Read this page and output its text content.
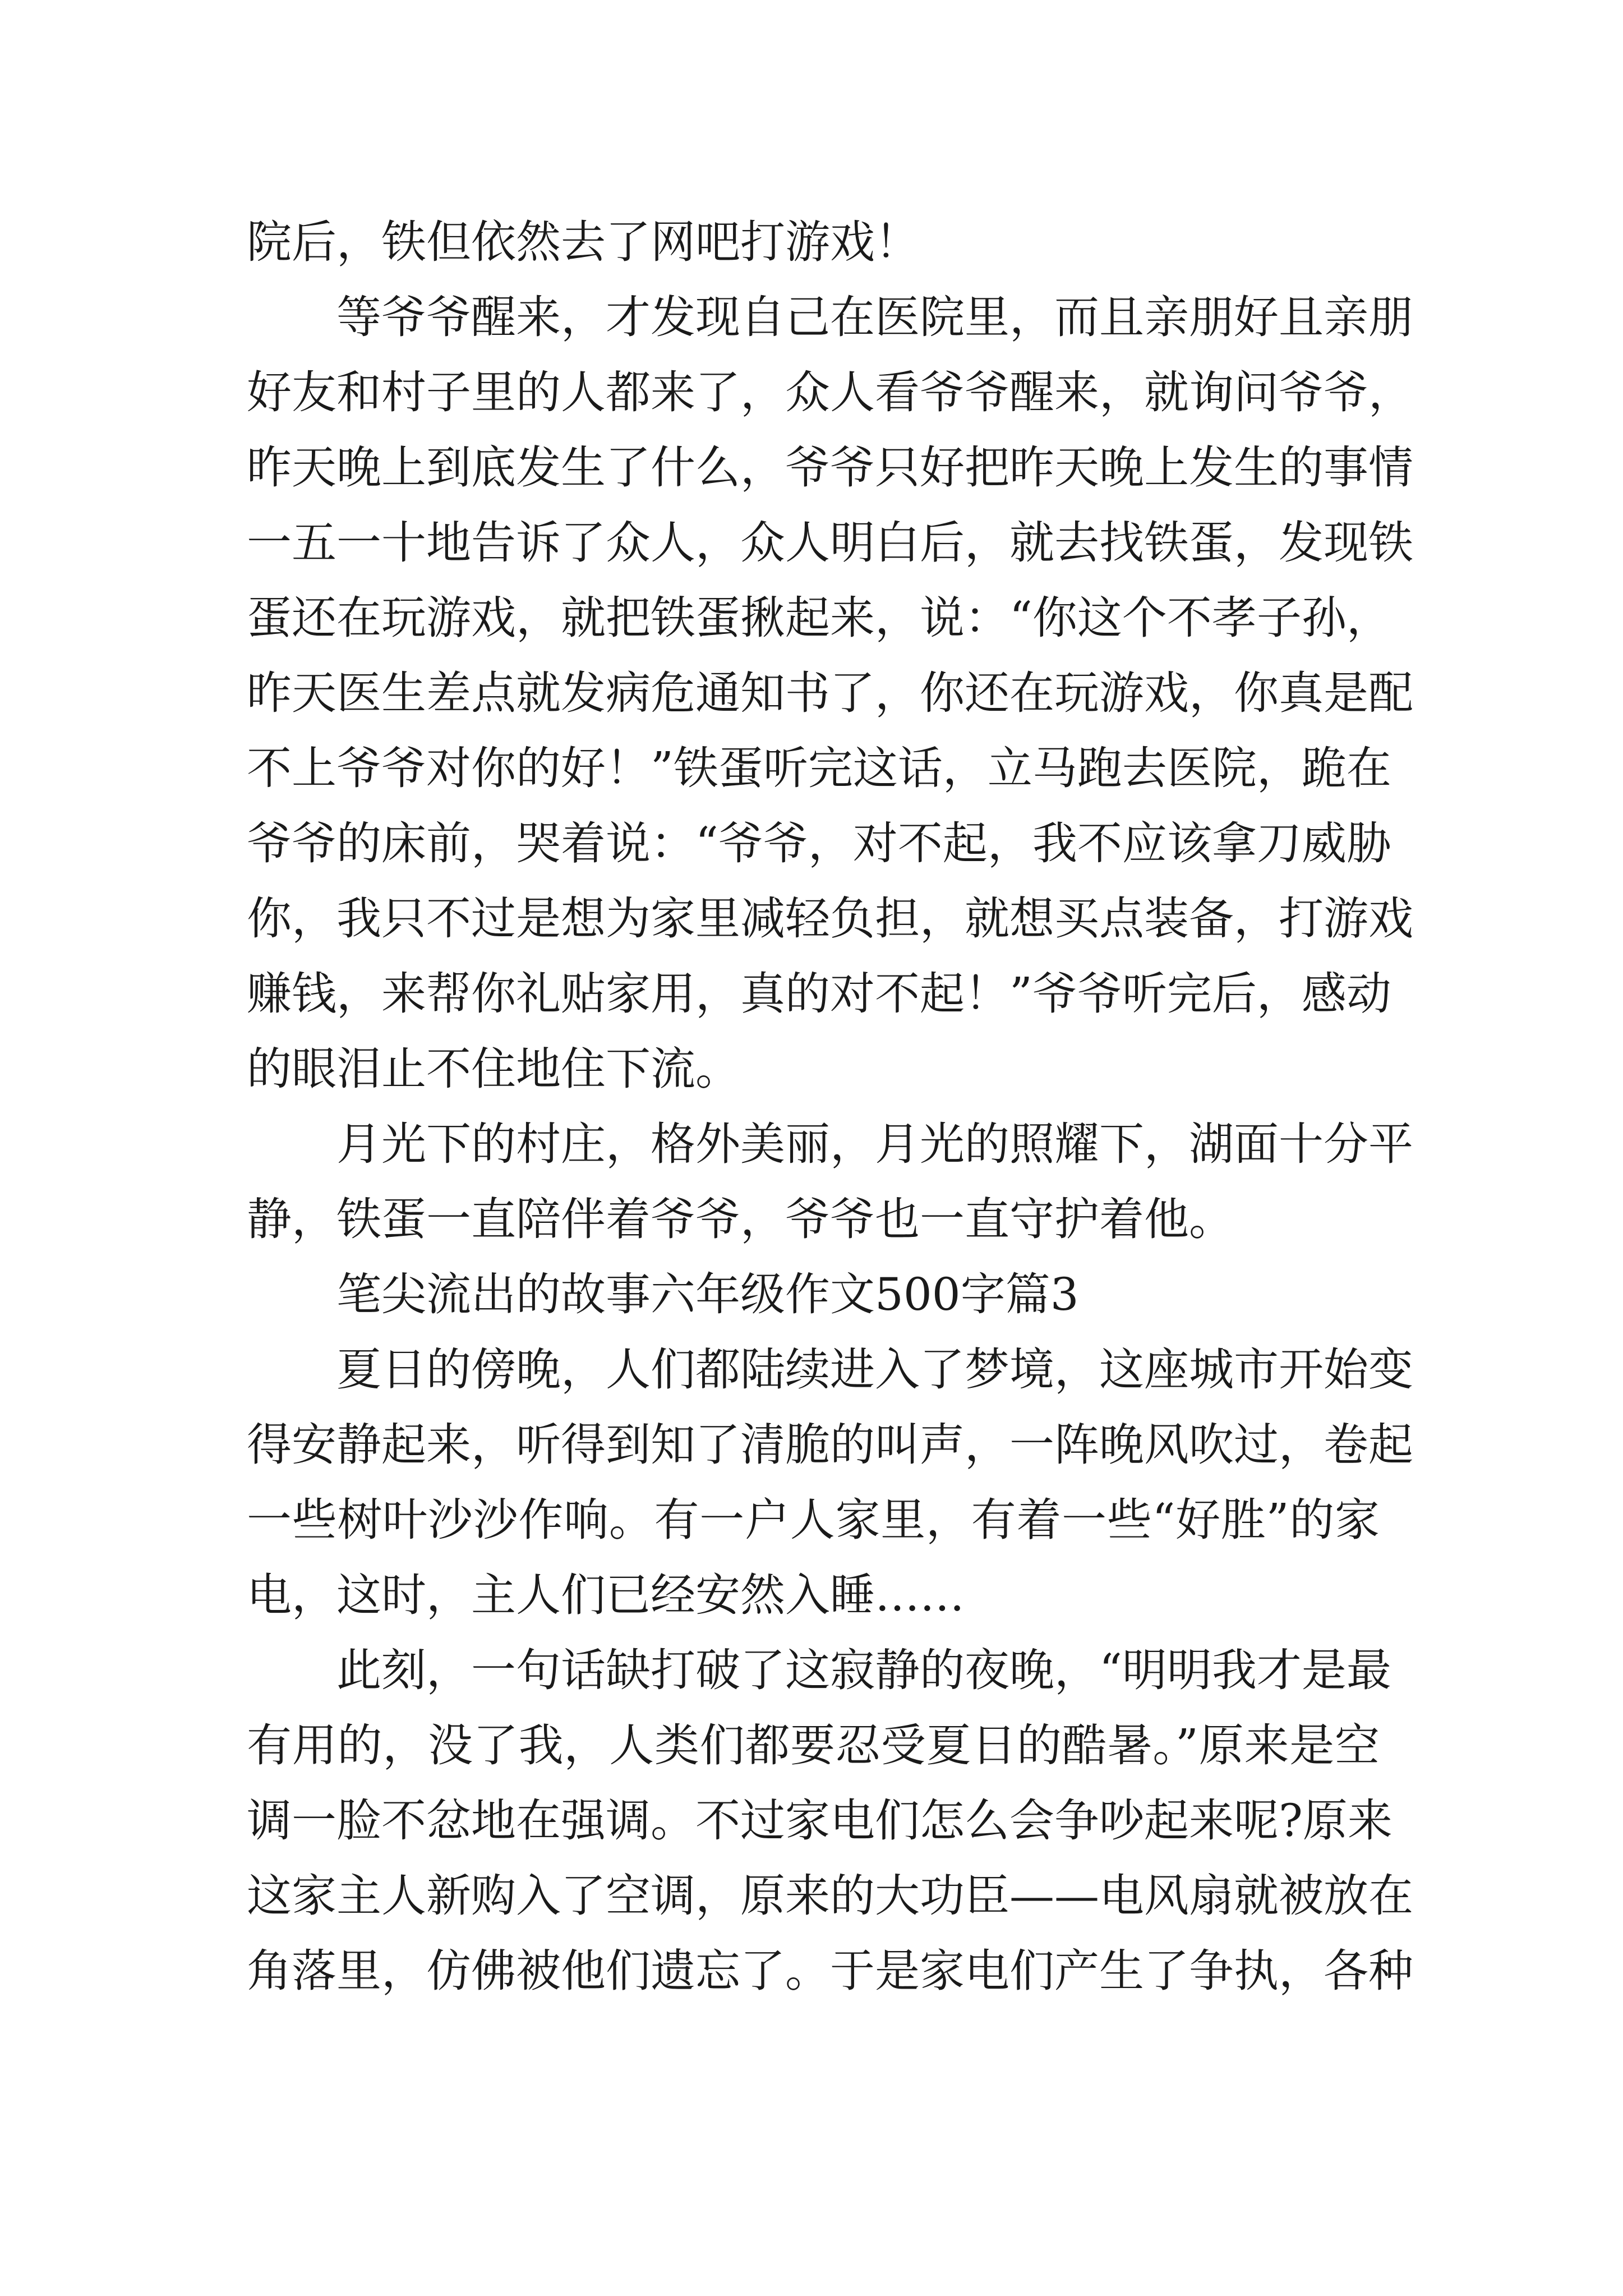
院后，铁但依然去了网吧打游戏！
等爷爷醒来，才发现自己在医院里，而且亲朋好且亲朋
好友和村子里的人都来了，众人看爷爷醒来，就询问爷爷，
昨天晚上到底发生了什么，爷爷只好把昨天晚上发生的事情
一五一十地告诉了众人，众人明白后，就去找铁蛋，发现铁
蛋还在玩游戏，就把铁蛋揪起来，说：“你这个不孝子孙，
昨天医生差点就发病危通知书了，你还在玩游戏，你真是配
不上爷爷对你的好！”铁蛋听完这话，立马跑去医院，跪在
爷爷的床前，哭着说：“爷爷，对不起，我不应该拿刀威胁
你，我只不过是想为家里减轻负担，就想买点装备，打游戏
赚钱，来帮你礼贴家用，真的对不起！”爷爷听完后，感动
的眼泪止不住地住下流。
月光下的村庄，格外美丽，月光的照耀下，湖面十分平
静，铁蛋一直陪伴着爷爷，爷爷也一直守护着他。
笔尖流出的故事六年级作文500字篇3
夏日的傍晚，人们都陆续进入了梦境，这座城市开始变
得安静起来，听得到知了清脆的叫声，一阵晚风吹过，卷起
一些树叶沙沙作响。有一户人家里，有着一些“好胜”的家
电，这时，主人们已经安然入睡……
此刻，一句话缺打破了这寂静的夜晚，“明明我才是最
有用的，没了我，人类们都要忍受夏日的酷暑。”原来是空
调一脸不忿地在强调。不过家电们怎么会争吵起来呢?原来
这家主人新购入了空调，原来的大功臣——电风扇就被放在
角落里，仿佛被他们遗忘了。于是家电们产生了争执，各种
